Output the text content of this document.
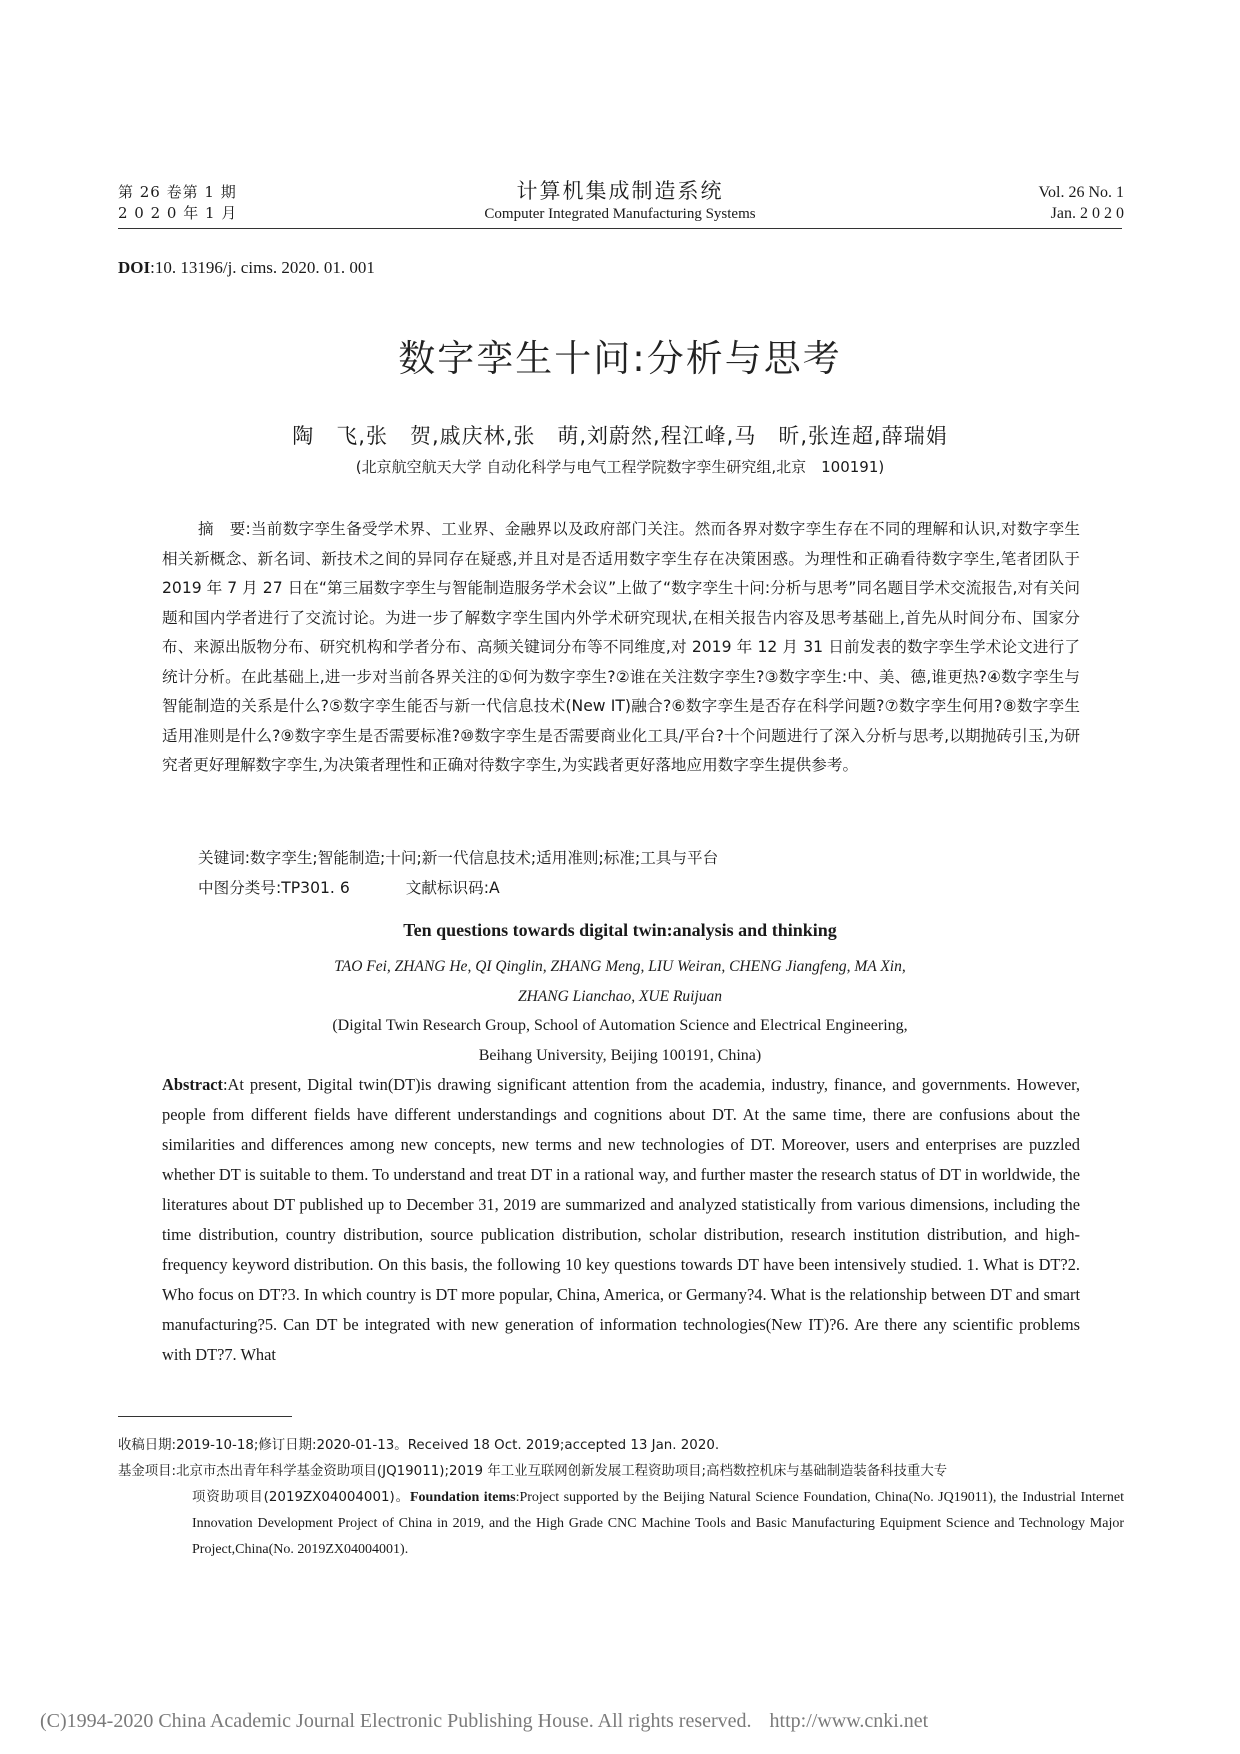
第 26 卷第 1 期
2 0 2 0 年 1 月
计算机集成制造系统
Computer Integrated Manufacturing Systems
Vol. 26 No. 1
Jan. 2 0 2 0
DOI:10. 13196/j. cims. 2020. 01. 001
数字孪生十问:分析与思考
陶　飞,张　贺,戚庆林,张　萌,刘蔚然,程江峰,马　昕,张连超,薛瑞娟
(北京航空航天大学 自动化科学与电气工程学院数字孪生研究组,北京　100191)
摘　要:当前数字孪生备受学术界、工业界、金融界以及政府部门关注。然而各界对数字孪生存在不同的理解和认识,对数字孪生相关新概念、新名词、新技术之间的异同存在疑惑,并且对是否适用数字孪生存在决策困惑。为理性和正确看待数字孪生,笔者团队于 2019 年 7 月 27 日在“第三届数字孪生与智能制造服务学术会议”上做了“数字孪生十问:分析与思考”同名题目学术交流报告,对有关问题和国内学者进行了交流讨论。为进一步了解数字孪生国内外学术研究现状,在相关报告内容及思考基础上,首先从时间分布、国家分布、来源出版物分布、研究机构和学者分布、高频关键词分布等不同维度,对 2019 年 12 月 31 日前发表的数字孪生学术论文进行了统计分析。在此基础上,进一步对当前各界关注的①何为数字孪生?②谁在关注数字孪生?③数字孪生:中、美、德,谁更热?④数字孪生与智能制造的关系是什么?⑤数字孪生能否与新一代信息技术(New IT)融合?⑥数字孪生是否存在科学问题?⑦数字孪生何用?⑧数字孪生适用准则是什么?⑨数字孪生是否需要标准?⑩数字孪生是否需要商业化工具/平台?十个问题进行了深入分析与思考,以期抛砖引玉,为研究者更好理解数字孪生,为决策者理性和正确对待数字孪生,为实践者更好落地应用数字孪生提供参考。
关键词:数字孪生;智能制造;十问;新一代信息技术;适用准则;标准;工具与平台
中图分类号:TP301. 6	文献标识码:A
Ten questions towards digital twin:analysis and thinking
TAO Fei, ZHANG He, QI Qinglin, ZHANG Meng, LIU Weiran, CHENG Jiangfeng, MA Xin,
ZHANG Lianchao, XUE Ruijuan
(Digital Twin Research Group, School of Automation Science and Electrical Engineering,
Beihang University, Beijing 100191, China)
Abstract:At present, Digital twin(DT)is drawing significant attention from the academia, industry, finance, and governments. However, people from different fields have different understandings and cognitions about DT. At the same time, there are confusions about the similarities and differences among new concepts, new terms and new technologies of DT. Moreover, users and enterprises are puzzled whether DT is suitable to them. To understand and treat DT in a rational way, and further master the research status of DT in worldwide, the literatures about DT published up to December 31, 2019 are summarized and analyzed statistically from various dimensions, including the time distribution, country distribution, source publication distribution, scholar distribution, research institution distribution, and high-frequency keyword distribution. On this basis, the following 10 key questions towards DT have been intensively studied. 1. What is DT?2. Who focus on DT?3. In which country is DT more popular, China, America, or Germany?4. What is the relationship between DT and smart manufacturing?5. Can DT be integrated with new generation of information technologies(New IT)?6. Are there any scientific problems with DT?7. What
收稿日期:2019-10-18;修订日期:2020-01-13。Received 18 Oct. 2019;accepted 13 Jan. 2020.
基金项目:北京市杰出青年科学基金资助项目(JQ19011);2019 年工业互联网创新发展工程资助项目;高档数控机床与基础制造装备科技重大专
项资助项目(2019ZX04004001)。Foundation items:Project supported by the Beijing Natural Science Foundation, China(No. JQ19011), the Industrial Internet Innovation Development Project of China in 2019, and the High Grade CNC Machine Tools and Basic Manufacturing Equipment Science and Technology Major Project,China(No. 2019ZX04004001).
(C)1994-2020 China Academic Journal Electronic Publishing House. All rights reserved. http://www.cnki.net
